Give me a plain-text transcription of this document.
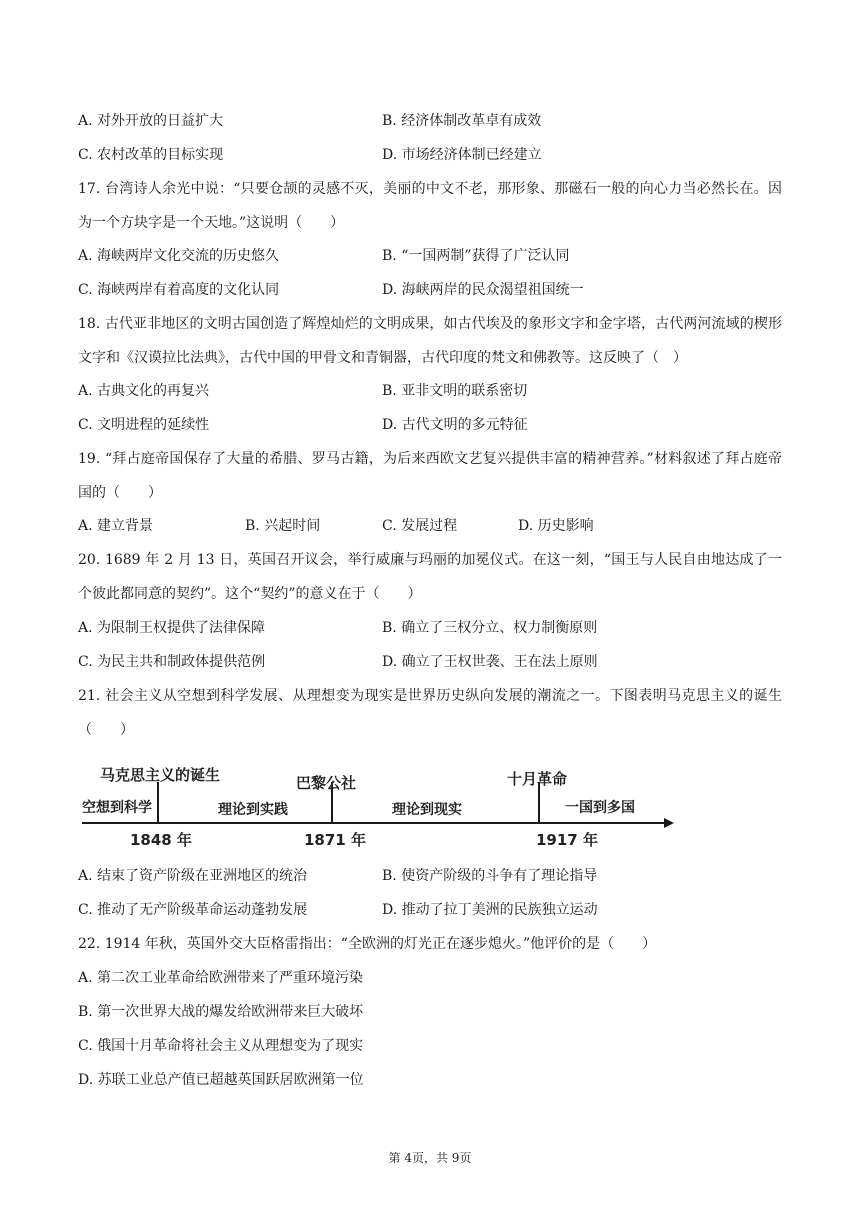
A. 对外开放的日益扩大	B. 经济体制改革卓有成效
C. 农村改革的目标实现	D. 市场经济体制已经建立
17. 台湾诗人余光中说：“只要仓颉的灵感不灭，美丽的中文不老，那形象、那磁石一般的向心力当必然长在。因为一个方块字是一个天地。”这说明（　　）
A. 海峡两岸文化交流的历史悠久	B. “一国两制”获得了广泛认同
C. 海峡两岸有着高度的文化认同	D. 海峡两岸的民众渴望祖国统一
18. 古代亚非地区的文明古国创造了辉煌灿烂的文明成果，如古代埃及的象形文字和金字塔，古代两河流域的楔形文字和《汉谟拉比法典》，古代中国的甲骨文和青铜器，古代印度的梵文和佛教等。这反映了（　）
A. 古典文化的再复兴	B. 亚非文明的联系密切
C. 文明进程的延续性	D. 古代文明的多元特征
19. “拜占庭帝国保存了大量的希腊、罗马古籍，为后来西欧文艺复兴提供丰富的精神营养。”材料叙述了拜占庭帝国的（　　）
A. 建立背景	B. 兴起时间	C. 发展过程	D. 历史影响
20. 1689 年 2 月 13 日，英国召开议会，举行威廉与玛丽的加冕仪式。在这一刻，“国王与人民自由地达成了一个彼此都同意的契约”。这个“契约”的意义在于（　　）
A. 为限制王权提供了法律保障	B. 确立了三权分立、权力制衡原则
C. 为民主共和制政体提供范例	D. 确立了王权世袭、王在法上原则
21. 社会主义从空想到科学发展、从理想变为现实是世界历史纵向发展的潮流之一。下图表明马克思主义的诞生（　　）
马克思主义的诞生	巴黎公社	十月革命
空想到科学	理论到实践	理论到现实	一国到多国
1848 年	1871 年	1917 年
A. 结束了资产阶级在亚洲地区的统治	B. 使资产阶级的斗争有了理论指导
C. 推动了无产阶级革命运动蓬勃发展	D. 推动了拉丁美洲的民族独立运动
22. 1914 年秋，英国外交大臣格雷指出：“全欧洲的灯光正在逐步熄火。”他评价的是（　　）
A. 第二次工业革命给欧洲带来了严重环境污染
B. 第一次世界大战的爆发给欧洲带来巨大破坏
C. 俄国十月革命将社会主义从理想变为了现实
D. 苏联工业总产值已超越英国跃居欧洲第一位
第 4页，共 9页
